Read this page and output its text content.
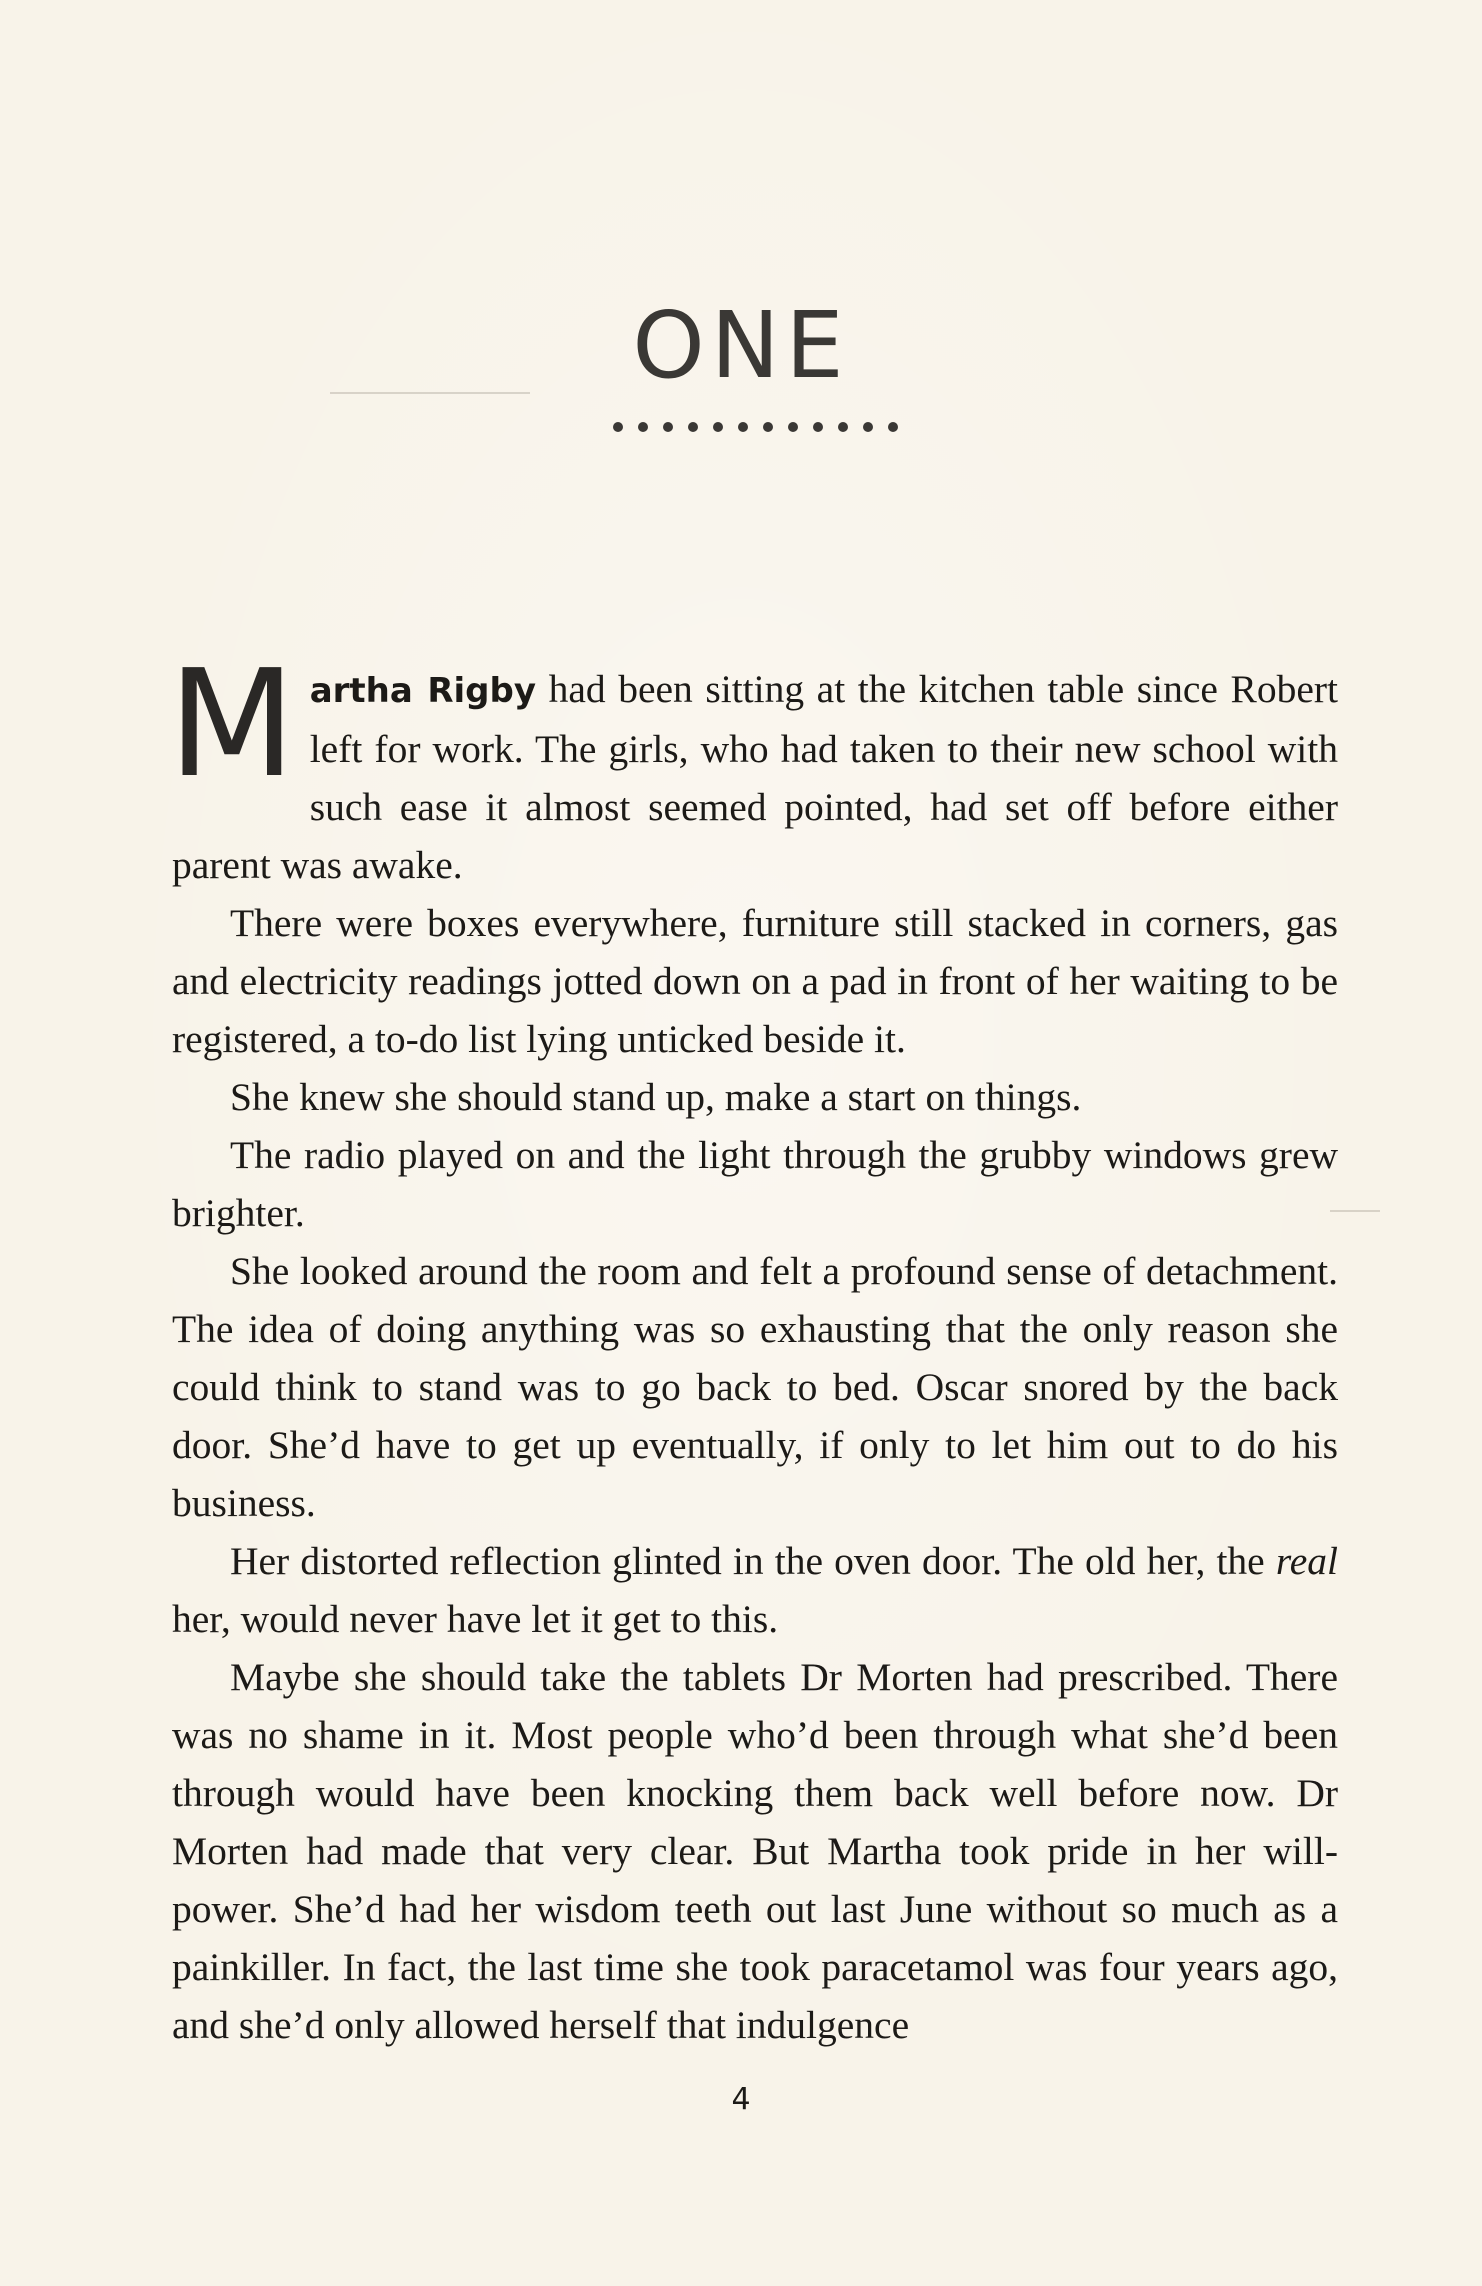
ONE

Martha Rigby had been sitting at the kitchen table since Robert left for work. The girls, who had taken to their new school with such ease it almost seemed pointed, had set off before either parent was awake.

There were boxes everywhere, furniture still stacked in corners, gas and electricity readings jotted down on a pad in front of her waiting to be registered, a to-do list lying unticked beside it.

She knew she should stand up, make a start on things.

The radio played on and the light through the grubby windows grew brighter.

She looked around the room and felt a profound sense of detachment. The idea of doing anything was so exhausting that the only reason she could think to stand was to go back to bed. Oscar snored by the back door. She’d have to get up eventually, if only to let him out to do his business.

Her distorted reflection glinted in the oven door. The old her, the real her, would never have let it get to this.

Maybe she should take the tablets Dr Morten had prescribed. There was no shame in it. Most people who’d been through what she’d been through would have been knocking them back well before now. Dr Morten had made that very clear. But Martha took pride in her will-power. She’d had her wisdom teeth out last June without so much as a painkiller. In fact, the last time she took paracetamol was four years ago, and she’d only allowed herself that indulgence

4
